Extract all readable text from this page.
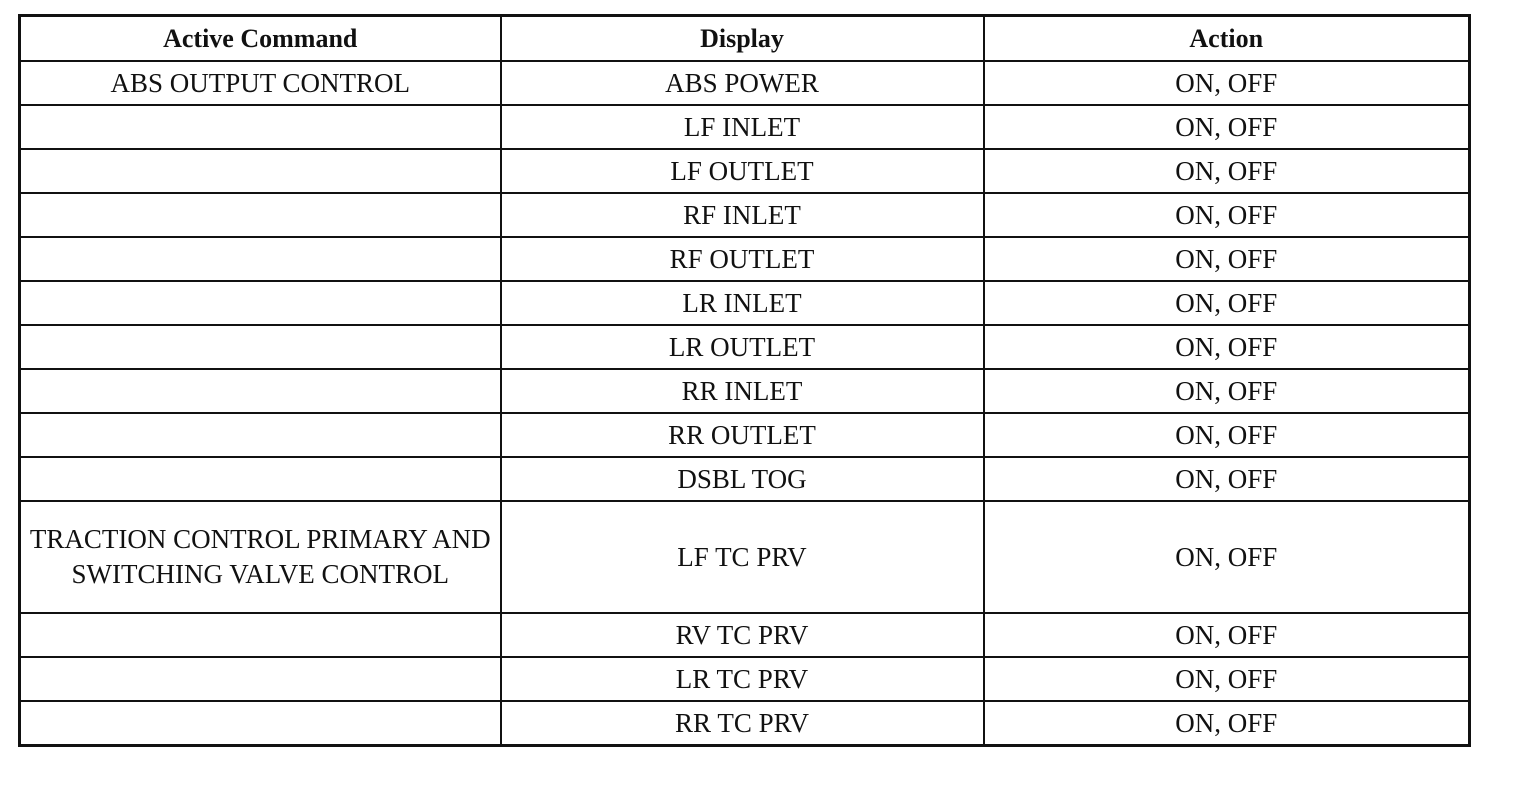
Active Command	Display	Action
ABS OUTPUT CONTROL	ABS POWER	ON, OFF
	LF INLET	ON, OFF
	LF OUTLET	ON, OFF
	RF INLET	ON, OFF
	RF OUTLET	ON, OFF
	LR INLET	ON, OFF
	LR OUTLET	ON, OFF
	RR INLET	ON, OFF
	RR OUTLET	ON, OFF
	DSBL TOG	ON, OFF
TRACTION CONTROL PRIMARY AND SWITCHING VALVE CONTROL	LF TC PRV	ON, OFF
	RV TC PRV	ON, OFF
	LR TC PRV	ON, OFF
	RR TC PRV	ON, OFF
